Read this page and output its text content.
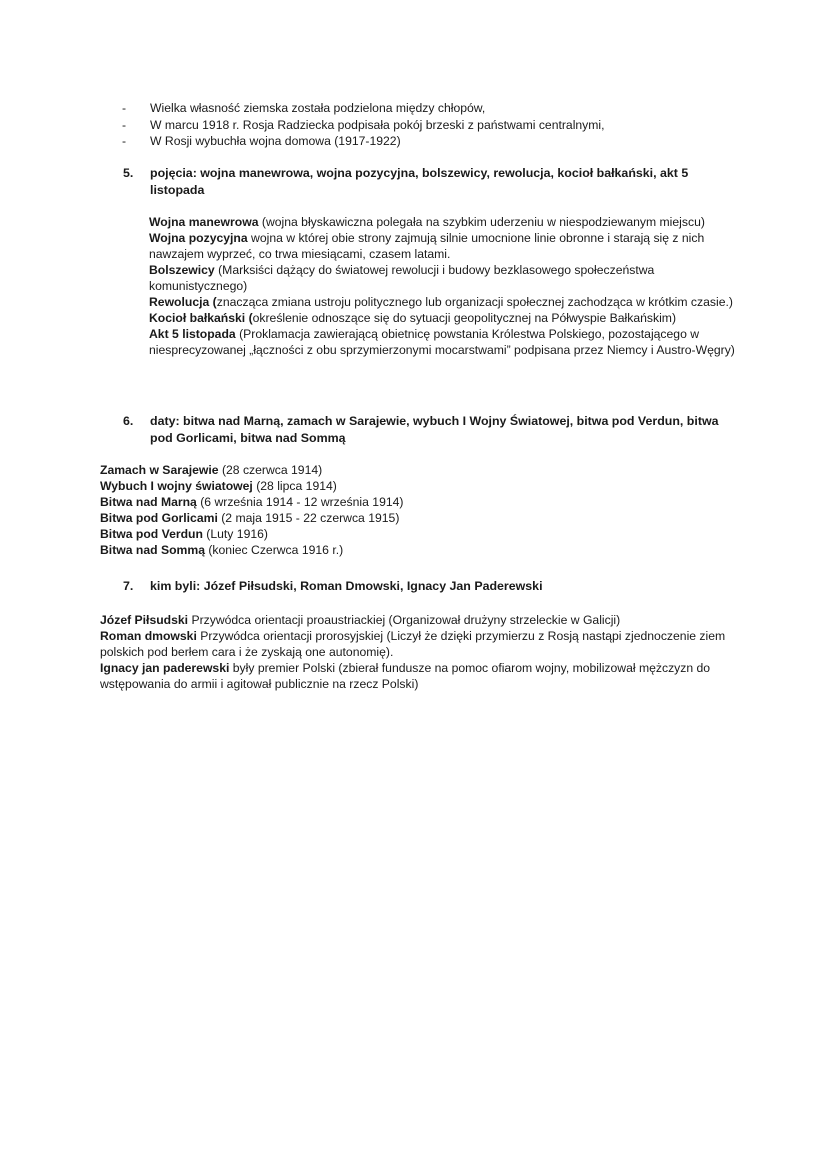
-	Wielka własność ziemska została podzielona między chłopów,
-	W marcu 1918 r. Rosja Radziecka podpisała pokój brzeski z państwami centralnymi,
-	W Rosji wybuchła wojna domowa (1917-1922)
5.	pojęcia: wojna manewrowa, wojna pozycyjna, bolszewicy, rewolucja, kocioł bałkański, akt 5
listopada

Wojna manewrowa (wojna błyskawiczna polegała na szybkim uderzeniu w niespodziewanym miejscu)

Wojna pozycyjna wojna w której obie strony zajmują silnie umocnione linie obronne i starają się z nich nawzajem wyprzeć, co trwa miesiącami, czasem latami.

Bolszewicy (Marksiści dążący do światowej rewolucji i budowy bezklasowego społeczeństwa komunistycznego)

Rewolucja (znacząca zmiana ustroju politycznego lub organizacji społecznej zachodząca w krótkim czasie.)

Kocioł bałkański (określenie odnoszące się do sytuacji geopolitycznej na Półwyspie Bałkańskim)

Akt 5 listopada (Proklamacja zawierającą obietnicę powstania Królestwa Polskiego, pozostającego w niesprecyzowanej „łączności z obu sprzymierzonymi mocarstwami” podpisana przez Niemcy i Austro-Węgry)

6.	daty: bitwa nad Marną, zamach w Sarajewie, wybuch I Wojny Światowej, bitwa pod Verdun, bitwa
pod Gorlicami, bitwa nad Sommą

Zamach w Sarajewie (28 czerwca 1914)

Wybuch I wojny światowej (28 lipca 1914)

Bitwa nad Marną (6 września 1914 - 12 września 1914)

Bitwa pod Gorlicami (2 maja 1915 - 22 czerwca 1915)

Bitwa pod Verdun (Luty 1916)

Bitwa nad Sommą (koniec Czerwca 1916 r.)

7.	kim byli: Józef Piłsudski, Roman Dmowski, Ignacy Jan Paderewski

Józef Piłsudski Przywódca orientacji proaustriackiej (Organizował drużyny strzeleckie w Galicji)

Roman dmowski Przywódca orientacji prorosyjskiej (Liczył że dzięki przymierzu z Rosją nastąpi zjednoczenie ziem polskich pod berłem cara i że zyskają one autonomię).

Ignacy jan paderewski były premier Polski (zbierał fundusze na pomoc ofiarom wojny, mobilizował mężczyzn do wstępowania do armii i agitował publicznie na rzecz Polski)
